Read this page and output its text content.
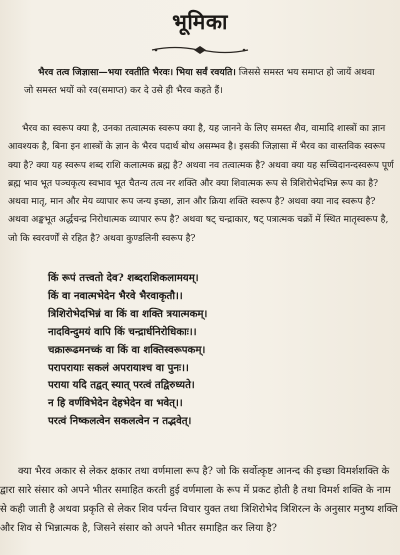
भूमिका

भैरव तत्व जिज्ञासा—भया रवतीति भैरवः। भिया सर्वं रवयति। जिससे समस्त भय समाप्त हो जायें अथवा जो समस्त भयों को रव(समाप्त) कर दे उसे ही भैरव कहते हैं।

भैरव का स्वरूप क्या है, उनका तत्वात्मक स्वरूप क्या है, यह जानने के लिए समस्त शैव, वामादि शास्त्रों का ज्ञान आवश्यक है, बिना इन शास्त्रों के ज्ञान के भैरव पदार्थ बोध असम्भव है। इसकी जिज्ञासा में भैरव का वास्तविक स्वरूप क्या है? क्या यह स्वरूप शब्द राशि कलात्मक ब्रह्म है? अथवा नव तत्वात्मक है? अथवा क्या यह सच्चिदानन्दस्वरूप पूर्ण ब्रह्म भाव भूत पञ्चकृत्य स्वभाव भूत चैतन्य तत्व नर शक्ति और क्या शिवात्मक रूप से त्रिशिरोभेदभिन्न रूप का है? अथवा मातृ, मान और मेय व्यापार रूप जन्य इच्छा, ज्ञान और क्रिया शक्ति स्वरूप है? अथवा क्या नाद स्वरूप है? अथवा अङ्कभूत अर्द्धचन्द्र निरोधात्मक व्यापार रूप है? अथवा षट् चन्द्राकार, षट् पत्रात्मक चक्रों में स्थित मातृस्वरूप है, जो कि स्वरवर्णों से रहित है? अथवा कुण्डलिनी स्वरूप है?

किं रूपं तत्त्वतो देव? शब्दराशिकलामयम्।
किं वा नवात्मभेदेन भैरवे भैरवाकृतौ।।
त्रिशिरोभेदभिन्नं वा किं वा शक्ति त्रयात्मकम्।
नादविन्दुमयं वापि किं चन्द्रार्धनिरोधिकाः।।
चक्रारूढमनच्कं वा किं वा शक्तिस्वरूपकम्।
परापरायाः सकलं अपरायाश्च वा पुनः।।
पराया यदि तद्वत् स्यात् परत्वं तद्विरुध्यते।
न हि वर्णविभेदेन देहभेदेन वा भवेत्।।
परत्वं निष्कलत्वेन सकलत्वेन न तद्भवेत्।

क्या भैरव अकार से लेकर क्षकार तथा वर्णमाला रूप है? जो कि सर्वोत्कृष्ट आनन्द की इच्छा विमर्शशक्ति के द्वारा सारे संसार को अपने भीतर समाहित करती हुई वर्णमाला के रूप में प्रकट होती है तथा विमर्श शक्ति के नाम से कही जाती है अथवा प्रकृति से लेकर शिव पर्यन्त विचार युक्त तथा त्रिशिरोभेद त्रिशिरत्न के अनुसार मनुष्य शक्ति और शिव से भिन्नात्मक है, जिसने संसार को अपने भीतर समाहित कर लिया है?
